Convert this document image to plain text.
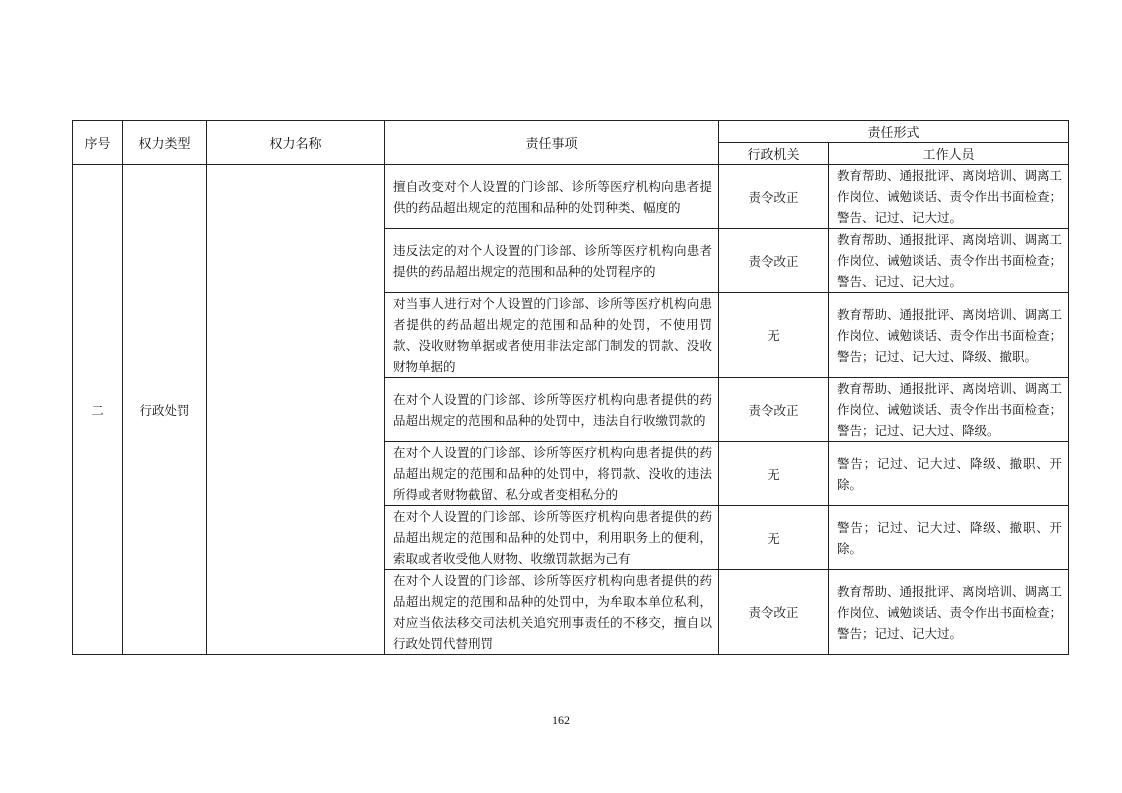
序号	权力类型	权力名称	责任事项	责任形式	
				行政机关	工作人员
二	行政处罚		擅自改变对个人设置的门诊部、诊所等医疗机构向患者提供的药品超出规定的范围和品种的处罚种类、幅度的	责令改正	教育帮助、通报批评、离岗培训、调离工作岗位、诫勉谈话、责令作出书面检查；警告、记过、记大过。
			违反法定的对个人设置的门诊部、诊所等医疗机构向患者提供的药品超出规定的范围和品种的处罚程序的	责令改正	教育帮助、通报批评、离岗培训、调离工作岗位、诫勉谈话、责令作出书面检查；警告、记过、记大过。
			对当事人进行对个人设置的门诊部、诊所等医疗机构向患者提供的药品超出规定的范围和品种的处罚，不使用罚款、没收财物单据或者使用非法定部门制发的罚款、没收财物单据的	无	教育帮助、通报批评、离岗培训、调离工作岗位、诫勉谈话、责令作出书面检查；警告；记过、记大过、降级、撤职。
			在对个人设置的门诊部、诊所等医疗机构向患者提供的药品超出规定的范围和品种的处罚中，违法自行收缴罚款的	责令改正	教育帮助、通报批评、离岗培训、调离工作岗位、诫勉谈话、责令作出书面检查；警告；记过、记大过、降级。
			在对个人设置的门诊部、诊所等医疗机构向患者提供的药品超出规定的范围和品种的处罚中，将罚款、没收的违法所得或者财物截留、私分或者变相私分的	无	警告；记过、记大过、降级、撤职、开除。
			在对个人设置的门诊部、诊所等医疗机构向患者提供的药品超出规定的范围和品种的处罚中，利用职务上的便利，索取或者收受他人财物、收缴罚款据为己有	无	警告；记过、记大过、降级、撤职、开除。
			在对个人设置的门诊部、诊所等医疗机构向患者提供的药品超出规定的范围和品种的处罚中，为牟取本单位私利，对应当依法移交司法机关追究刑事责任的不移交，擅自以行政处罚代替刑罚	责令改正	教育帮助、通报批评、离岗培训、调离工作岗位、诫勉谈话、责令作出书面检查；警告；记过、记大过。
162
